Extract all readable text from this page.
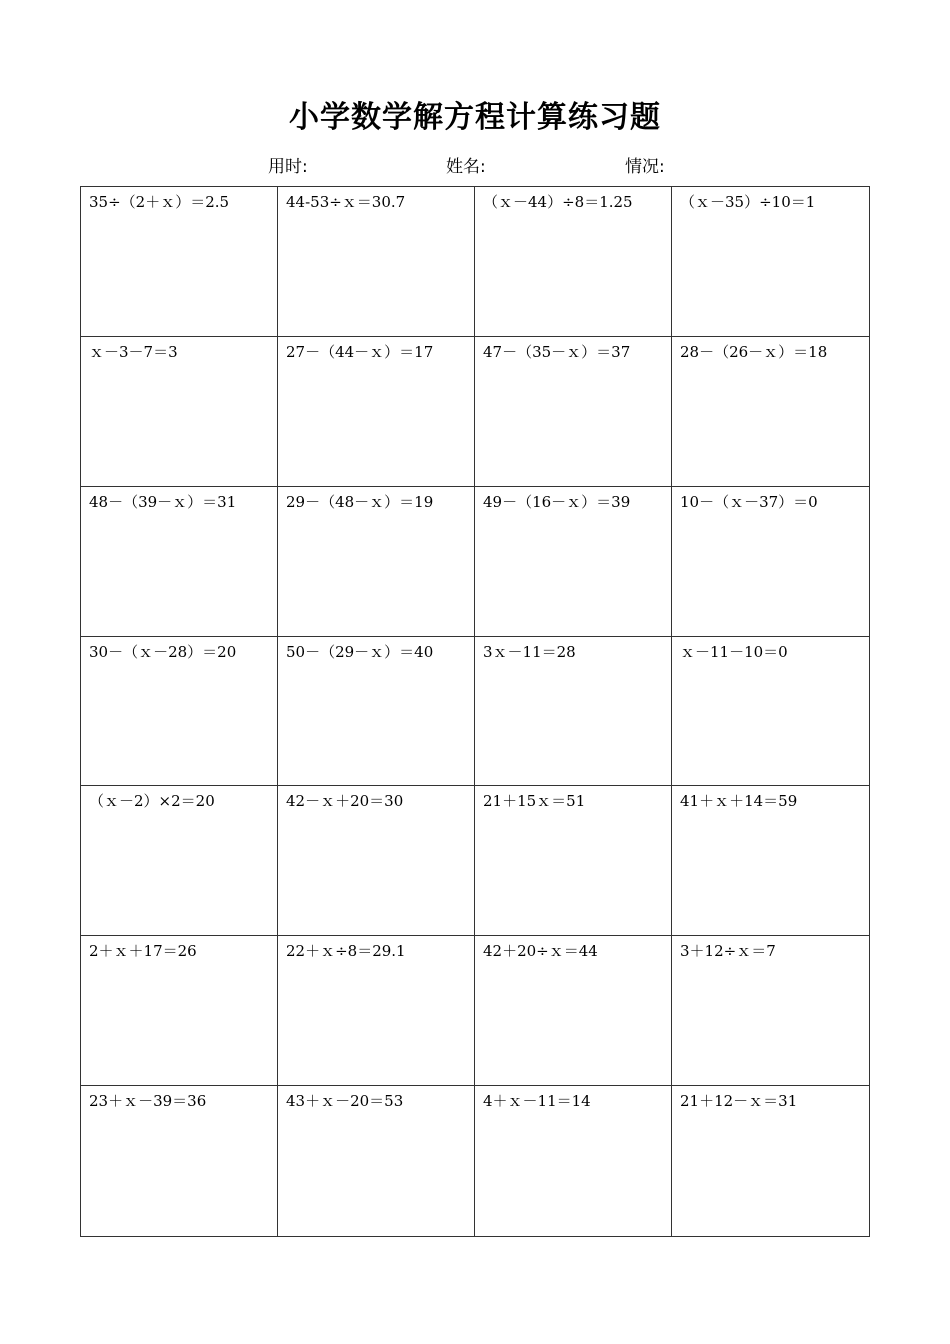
小学数学解方程计算练习题
用时:	姓名:	情况:
35÷（2＋ｘ）＝2.5	44-53÷ｘ＝30.7	（ｘ－44）÷8＝1.25	（ｘ－35）÷10＝1
ｘ－3－7＝3	27－（44－ｘ）＝17	47－（35－ｘ）＝37	28－（26－ｘ）＝18
48－（39－ｘ）＝31	29－（48－ｘ）＝19	49－（16－ｘ）＝39	10－（ｘ－37）＝0
30－（ｘ－28）＝20	50－（29－ｘ）＝40	3ｘ－11＝28	ｘ－11－10＝0
（ｘ－2）×2＝20	42－ｘ＋20＝30	21＋15ｘ＝51	41＋ｘ＋14＝59
2＋ｘ＋17＝26	22＋ｘ÷8＝29.1	42＋20÷ｘ＝44	3＋12÷ｘ＝7
23＋ｘ－39＝36	43＋ｘ－20＝53	4＋ｘ－11＝14	21＋12－ｘ＝31
